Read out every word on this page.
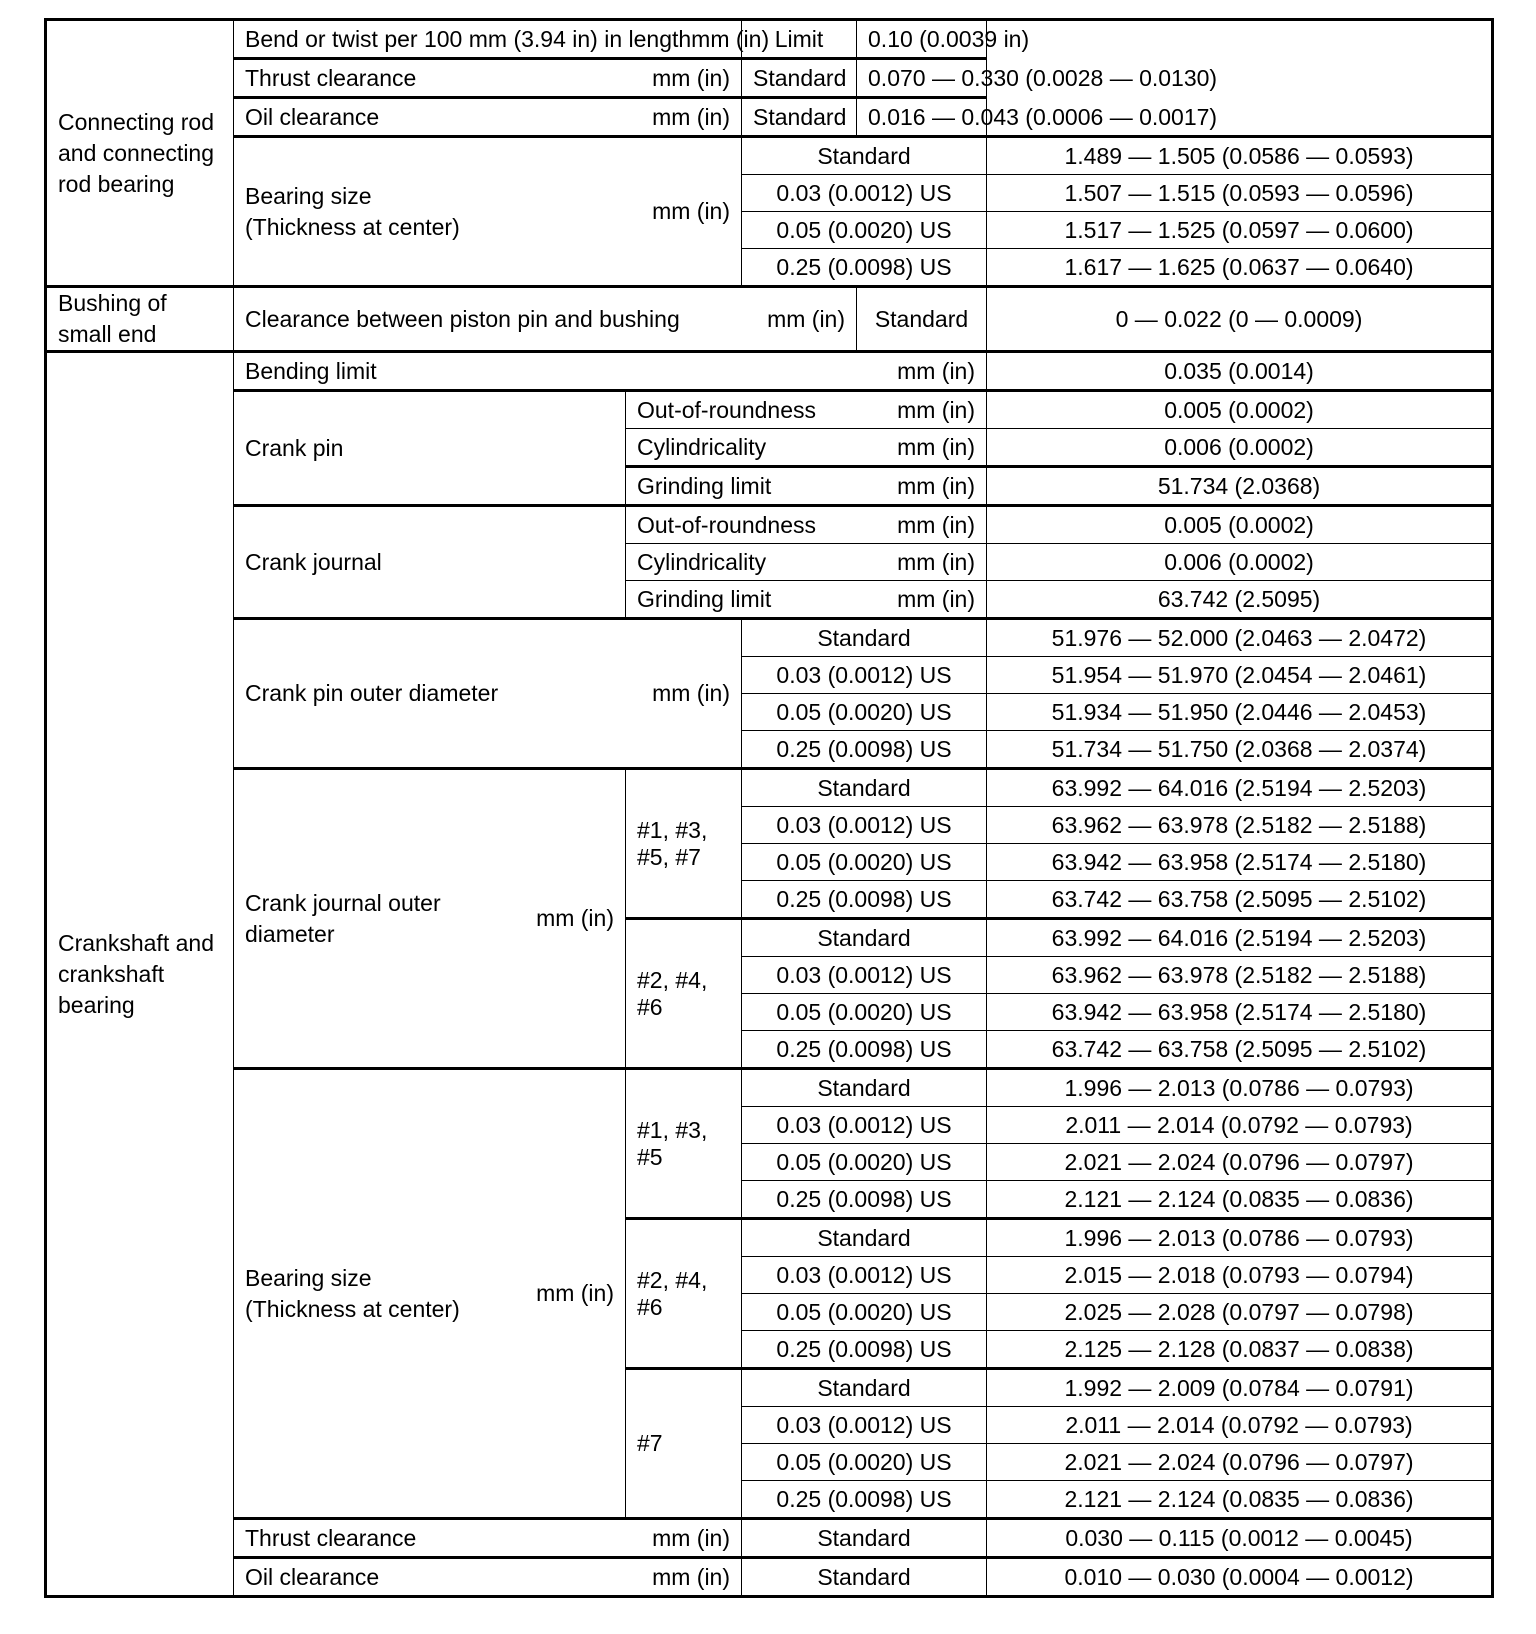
Connecting rod and connecting rod bearing	Bend or twist per 100 mm (3.94 in) in length mm (in)		Limit	0.10 (0.0039 in)	

	Thrust clearance mm (in)		Standard	0.070 — 0.330 (0.0028 — 0.0130)	

	Oil clearance mm (in)		Standard	0.016 — 0.043 (0.0006 — 0.0017)	

	Bearing size
(Thickness at center)
mm (in)		Standard		1.489 — 1.505 (0.0586 — 0.0593)
			0.03 (0.0012) US		1.507 — 1.515 (0.0593 — 0.0596)
			0.05 (0.0020) US		1.517 — 1.525 (0.0597 — 0.0600)
			0.25 (0.0098) US		1.617 — 1.625 (0.0637 — 0.0640)
Bushing of small end	Clearance between piston pin and bushing mm (in)			Standard	0 — 0.022 (0 — 0.0009)
Crankshaft and crankshaft bearing	Bending limit mm (in)				0.035 (0.0014)
	Crank pin	Out-of-roundness mm (in)			0.005 (0.0002)

		Cylindricality mm (in)			0.006 (0.0002)

		Grinding limit mm (in)			51.734 (2.0368)
	Crank journal	Out-of-roundness mm (in)			0.005 (0.0002)

		Cylindricality mm (in)			0.006 (0.0002)

		Grinding limit mm (in)			63.742 (2.5095)

	Crank pin outer diameter mm (in)		Standard		51.976 — 52.000 (2.0463 — 2.0472)
			0.03 (0.0012) US		51.954 — 51.970 (2.0454 — 2.0461)
			0.05 (0.0020) US		51.934 — 51.950 (2.0446 — 2.0453)
			0.25 (0.0098) US		51.734 — 51.750 (2.0368 — 2.0374)

	Crank journal outer
diameter
mm (in)	#1, #3,
#5, #7	Standard		63.992 — 64.016 (2.5194 — 2.5203)
			0.03 (0.0012) US		63.962 — 63.978 (2.5182 — 2.5188)
			0.05 (0.0020) US		63.942 — 63.958 (2.5174 — 2.5180)
			0.25 (0.0098) US		63.742 — 63.758 (2.5095 — 2.5102)
		#2, #4,
#6	Standard		63.992 — 64.016 (2.5194 — 2.5203)
			0.03 (0.0012) US		63.962 — 63.978 (2.5182 — 2.5188)
			0.05 (0.0020) US		63.942 — 63.958 (2.5174 — 2.5180)
			0.25 (0.0098) US		63.742 — 63.758 (2.5095 — 2.5102)

	Bearing size
(Thickness at center)
mm (in)	#1, #3,
#5	Standard		1.996 — 2.013 (0.0786 — 0.0793)
			0.03 (0.0012) US		2.011 — 2.014 (0.0792 — 0.0793)
			0.05 (0.0020) US		2.021 — 2.024 (0.0796 — 0.0797)
			0.25 (0.0098) US		2.121 — 2.124 (0.0835 — 0.0836)
		#2, #4,
#6	Standard		1.996 — 2.013 (0.0786 — 0.0793)
			0.03 (0.0012) US		2.015 — 2.018 (0.0793 — 0.0794)
			0.05 (0.0020) US		2.025 — 2.028 (0.0797 — 0.0798)
			0.25 (0.0098) US		2.125 — 2.128 (0.0837 — 0.0838)
		#7	Standard		1.992 — 2.009 (0.0784 — 0.0791)
			0.03 (0.0012) US		2.011 — 2.014 (0.0792 — 0.0793)
			0.05 (0.0020) US		2.021 — 2.024 (0.0796 — 0.0797)
			0.25 (0.0098) US		2.121 — 2.124 (0.0835 — 0.0836)

	Thrust clearance mm (in)		Standard		0.030 — 0.115 (0.0012 — 0.0045)

	Oil clearance mm (in)		Standard		0.010 — 0.030 (0.0004 — 0.0012)
